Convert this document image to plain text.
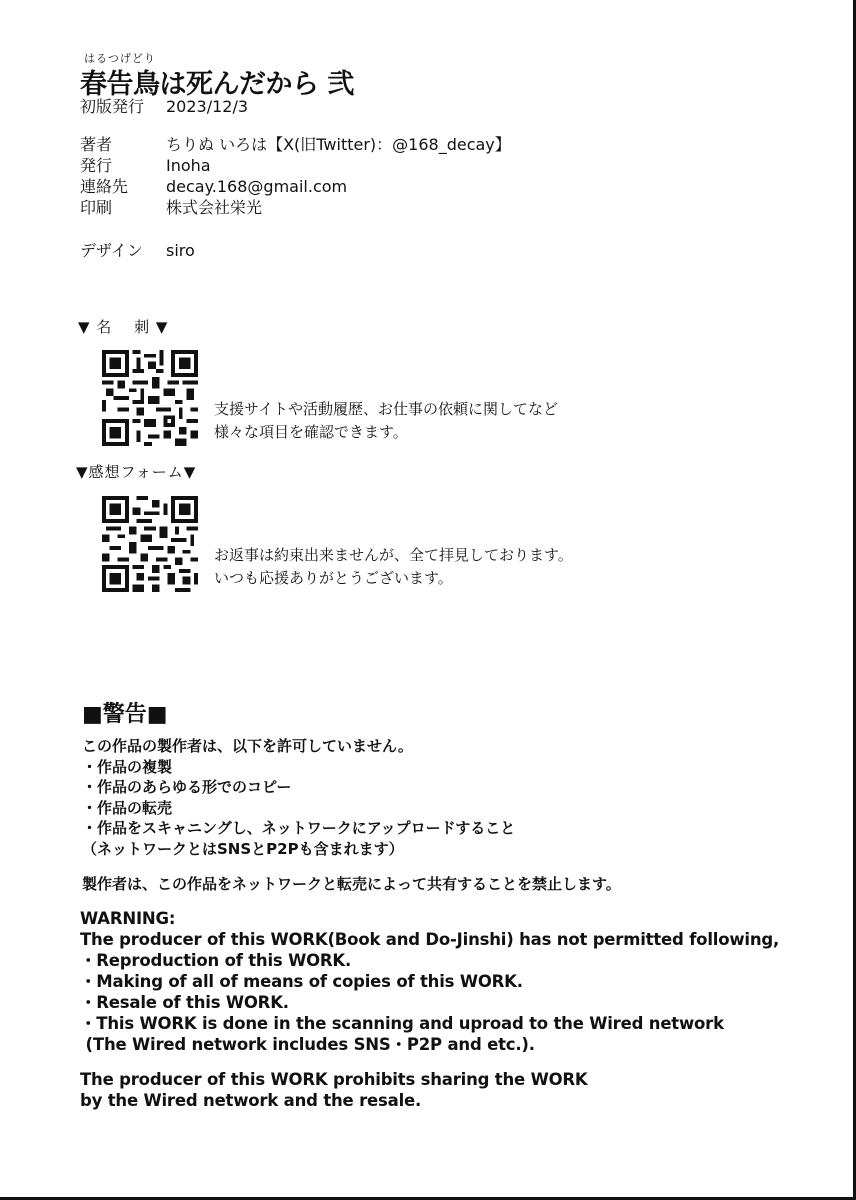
はるつげどり
春告鳥は死んだから 弐
初版発行 2023/12/3
著者	ちりぬ いろは【X(旧Twitter)：@168_decay】
発行	Inoha
連絡先 decay.168@gmail.com
印刷	株式会社栄光
デザイン siro
▼ 名　 刺 ▼
支援サイトや活動履歴、お仕事の依頼に関してなど
様々な項目を確認できます。
▼感想フォーム▼
お返事は約束出来ませんが、全て拝見しております。
いつも応援ありがとうございます。
■警告■
この作品の製作者は、以下を許可していません。
・作品の複製
・作品のあらゆる形でのコピー
・作品の転売
・作品をスキャニングし、ネットワークにアップロードすること
（ネットワークとはSNSとP2Pも含まれます）
製作者は、この作品をネットワークと転売によって共有することを禁止します。
WARNING:
The producer of this WORK(Book and Do-Jinshi) has not permitted following,
・Reproduction of this WORK.
・Making of all of means of copies of this WORK.
・Resale of this WORK.
・This WORK is done in the scanning and uproad to the Wired network
(The Wired network includes SNS・P2P and etc.).
The producer of this WORK prohibits sharing the WORK
by the Wired network and the resale.
